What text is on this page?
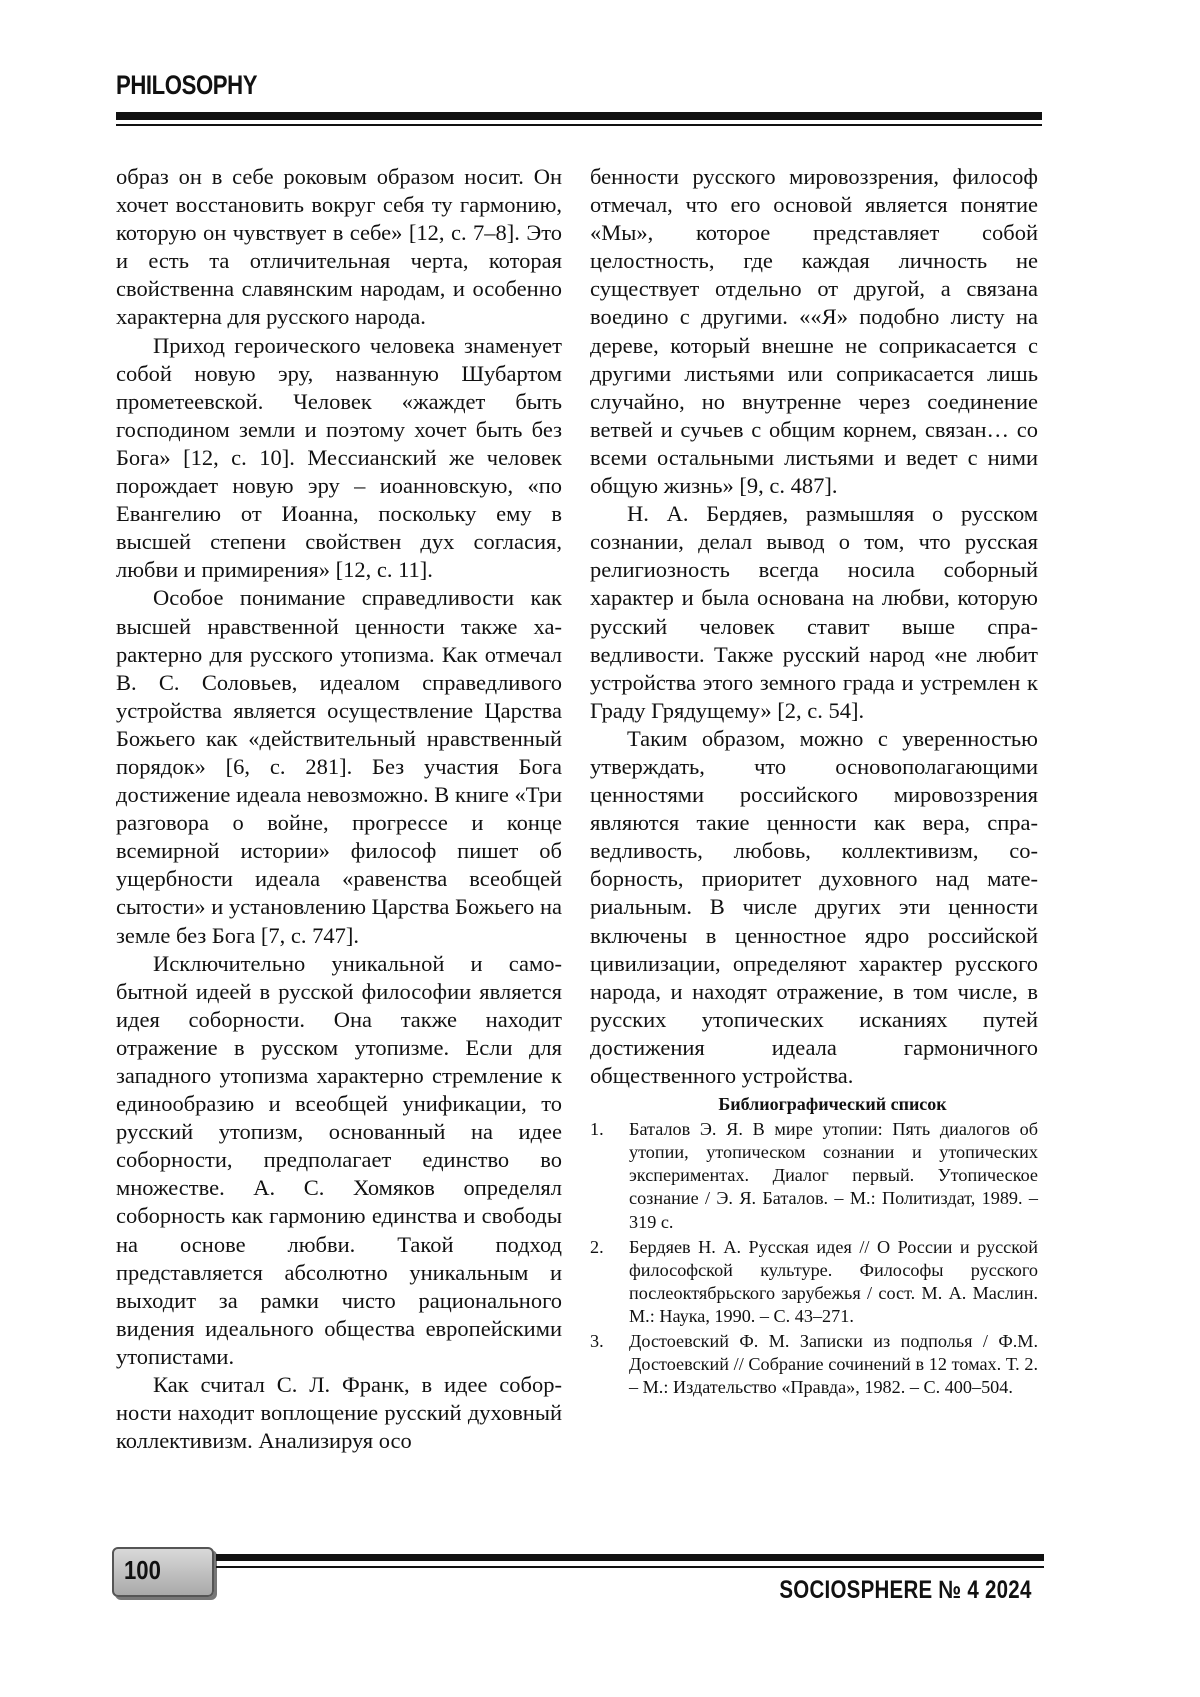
PHILOSOPHY

образ он в себе роковым образом носит. Он хочет восстановить вокруг себя ту гармонию, которую он чувствует в себе» [12, с. 7–8]. Это и есть та отличительная черта, которая свойственна славянским народам, и особенно характерна для русского народа.

Приход героического человека знаменует собой новую эру, названную Шубартом прометеевской. Человек «жаждет быть господином земли и поэтому хочет быть без Бога» [12, с. 10]. Мессианский же человек порождает новую эру – иоанновскую, «по Евангелию от Иоанна, поскольку ему в высшей степени свойствен дух согласия, любви и примирения» [12, с. 11].

Особое понимание справедливости как высшей нравственной ценности также характерно для русского утопизма. Как отмечал В. С. Соловьев, идеалом справедливого устройства является осуществление Царства Божьего как «действительный нравственный порядок» [6, с. 281]. Без участия Бога достижение идеала невозможно. В книге «Три разговора о войне, прогрессе и конце всемирной истории» философ пишет об ущербности идеала «равенства всеобщей сытости» и установлению Царства Божьего на земле без Бога [7, с. 747].

Исключительно уникальной и самобытной идеей в русской философии является идея соборности. Она также находит отражение в русском утопизме. Если для западного утопизма характерно стремление к единообразию и всеобщей унификации, то русский утопизм, основанный на идее соборности, предполагает единство во множестве. А. С. Хомяков определял соборность как гармонию единства и свободы на основе любви. Такой подход представляется абсолютно уникальным и выходит за рамки чисто рационального видения идеального общества европейскими утопистами.

Как считал С. Л. Франк, в идее соборности находит воплощение русский духовный коллективизм. Анализируя осо

бенности русского мировоззрения, философ отмечал, что его основой является понятие «Мы», которое представляет собой целостность, где каждая личность не существует отдельно от другой, а связана воедино с другими. ««Я» подобно листу на дереве, который внешне не соприкасается с другими листьями или соприкасается лишь случайно, но внутренне через соединение ветвей и сучьев с общим корнем, связан… со всеми остальными листьями и ведет с ними общую жизнь» [9, с. 487].

Н. А. Бердяев, размышляя о русском сознании, делал вывод о том, что русская религиозность всегда носила соборный характер и была основана на любви, которую русский человек ставит выше справедливости. Также русский народ «не любит устройства этого земного града и устремлен к Граду Грядущему» [2, с. 54].

Таким образом, можно с уверенностью утверждать, что основополагающими ценностями российского мировоззрения являются такие ценности как вера, справедливость, любовь, коллективизм, соборность, приоритет духовного над материальным. В числе других эти ценности включены в ценностное ядро российской цивилизации, определяют характер русского народа, и находят отражение, в том числе, в русских утопических исканиях путей достижения идеала гармоничного общественного устройства.

Библиографический список

1. Баталов Э. Я. В мире утопии: Пять диалогов об утопии, утопическом сознании и утопических экспериментах. Диалог первый. Утопическое сознание / Э. Я. Баталов. – М.: Политиздат, 1989. – 319 с.
2. Бердяев Н. А. Русская идея // О России и русской философской культуре. Философы русского послеоктябрьского зарубежья / сост. М. А. Маслин. М.: Наука, 1990. – С. 43–271.
3. Достоевский Ф. М. Записки из подполья / Ф.М. Достоевский // Собрание сочинений в 12 томах. Т. 2. – М.: Издательство «Правда», 1982. – С. 400–504.
100
SOCIOSPHERE № 4 2024
